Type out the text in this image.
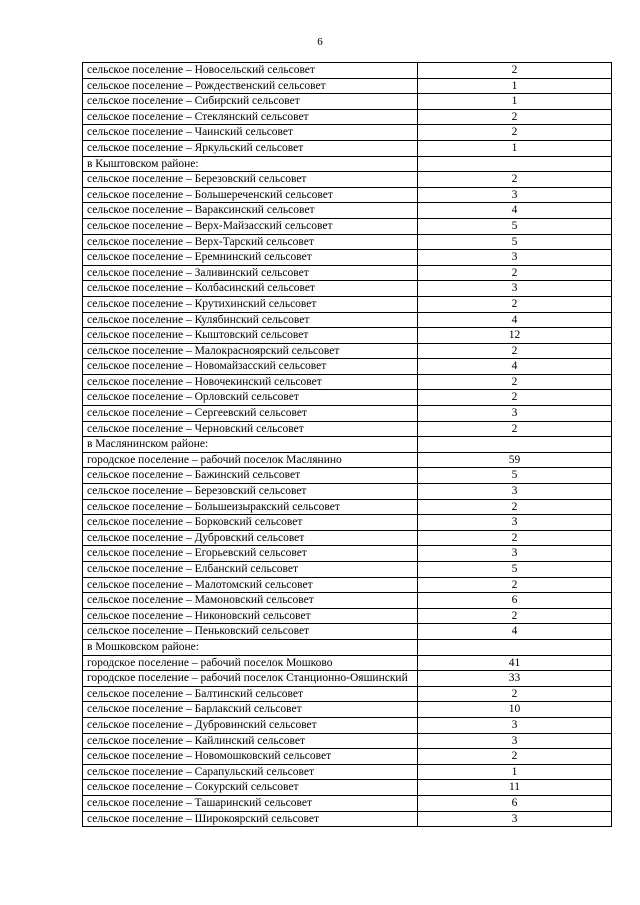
6
сельское поселение – Новосельский сельсовет	2
сельское поселение – Рождественский сельсовет	1
сельское поселение – Сибирский сельсовет	1
сельское поселение – Стеклянский сельсовет	2
сельское поселение – Чаинский сельсовет	2
сельское поселение – Яркульский сельсовет	1
в Кыштовском районе:	
сельское поселение – Березовский сельсовет	2
сельское поселение – Большереченский сельсовет	3
сельское поселение – Вараксинский сельсовет	4
сельское поселение – Верх-Майзасский сельсовет	5
сельское поселение – Верх-Тарский сельсовет	5
сельское поселение – Еремнинский сельсовет	3
сельское поселение – Заливинский сельсовет	2
сельское поселение – Колбасинский сельсовет	3
сельское поселение – Крутихинский сельсовет	2
сельское поселение – Кулябинский сельсовет	4
сельское поселение – Кыштовский сельсовет	12
сельское поселение – Малокрасноярский сельсовет	2
сельское поселение – Новомайзасский сельсовет	4
сельское поселение – Новочекинский сельсовет	2
сельское поселение – Орловский сельсовет	2
сельское поселение – Сергеевский сельсовет	3
сельское поселение – Черновский сельсовет	2
в Маслянинском районе:	
городское поселение – рабочий поселок Маслянино	59
сельское поселение – Бажинский сельсовет	5
сельское поселение – Березовский сельсовет	3
сельское поселение – Большеизыракский сельсовет	2
сельское поселение – Борковский сельсовет	3
сельское поселение – Дубровский сельсовет	2
сельское поселение – Егорьевский сельсовет	3
сельское поселение – Елбанский сельсовет	5
сельское поселение – Малотомский сельсовет	2
сельское поселение – Мамоновский сельсовет	6
сельское поселение – Никоновский сельсовет	2
сельское поселение – Пеньковский сельсовет	4
в Мошковском районе:	
городское поселение – рабочий поселок Мошково	41
городское поселение – рабочий поселок Станционно-Ояшинский	33
сельское поселение – Балтинский сельсовет	2
сельское поселение – Барлакский сельсовет	10
сельское поселение – Дубровинский сельсовет	3
сельское поселение – Кайлинский сельсовет	3
сельское поселение – Новомошковский сельсовет	2
сельское поселение – Сарапульский сельсовет	1
сельское поселение – Сокурский сельсовет	11
сельское поселение – Ташаринский сельсовет	6
сельское поселение – Широкоярский сельсовет	3
